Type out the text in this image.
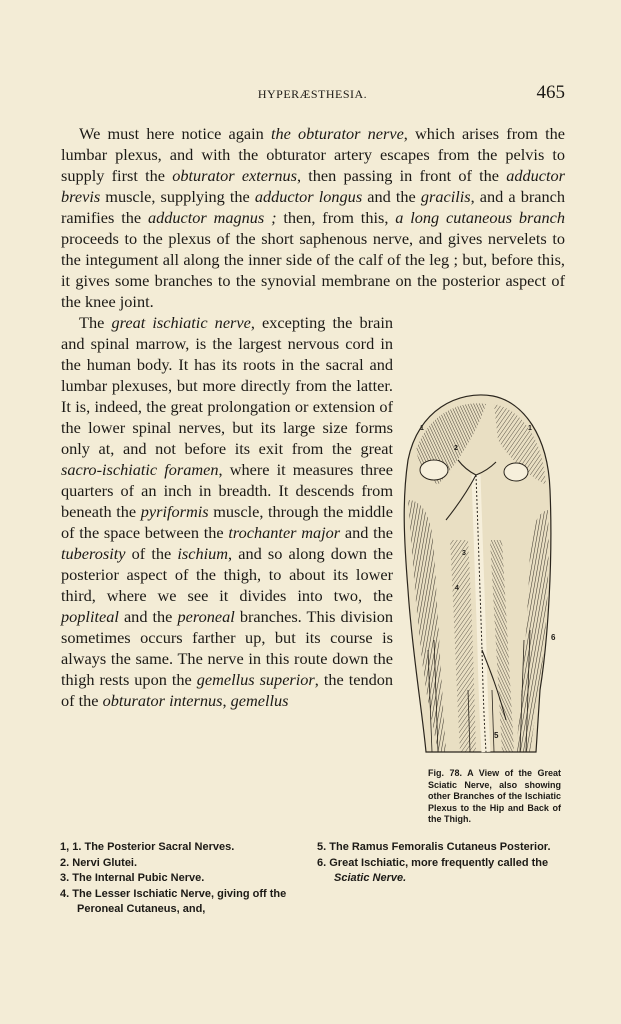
HYPERÆSTHESIA.	465

We must here notice again the obturator nerve, which arises from the lumbar plexus, and with the obturator artery escapes from the pelvis to supply first the obturator externus, then passing in front of the adductor brevis muscle, supplying the adductor longus and the gracilis, and a branch ramifies the adductor magnus ; then, from this, a long cutaneous branch proceeds to the plexus of the short saphenous nerve, and gives nervelets to the integument all along the inner side of the calf of the leg ; but, before this, it gives some branches to the synovial membrane on the posterior aspect of the knee joint.

The great ischiatic nerve, excepting the brain and spinal marrow, is the largest nervous cord in the human body. It has its roots in the sacral and lumbar plexuses, but more directly from the latter. It is, indeed, the great prolongation or extension of the lower spinal nerves, but its large size forms only at, and not before its exit from the great sacro-ischiatic foramen, where it measures three quarters of an inch in breadth. It descends from beneath the pyriformis muscle, through the middle of the space between the trochanter major and the tuberosity of the ischium, and so along down the posterior aspect of the thigh, to about its lower third, where we see it divides into two, the popliteal and the peroneal branches. This division sometimes occurs farther up, but its course is always the same. The nerve in this route down the thigh rests upon the gemellus superior, the tendon of the obturator internus, gemellus

6
5
4
3
2
1	1
Fig. 78. A View of the Great Sciatic Nerve, also showing other Branches of the Ischiatic Plexus to the Hip and Back of the Thigh.
1, 1. The Posterior Sacral Nerves.
2. Nervi Glutei.
3. The Internal Pubic Nerve.
4. The Lesser Ischiatic Nerve, giving off the Peroneal Cutaneus, and,
5. The Ramus Femoralis Cutaneus Posterior.
6. Great Ischiatic, more frequently called the Sciatic Nerve.
